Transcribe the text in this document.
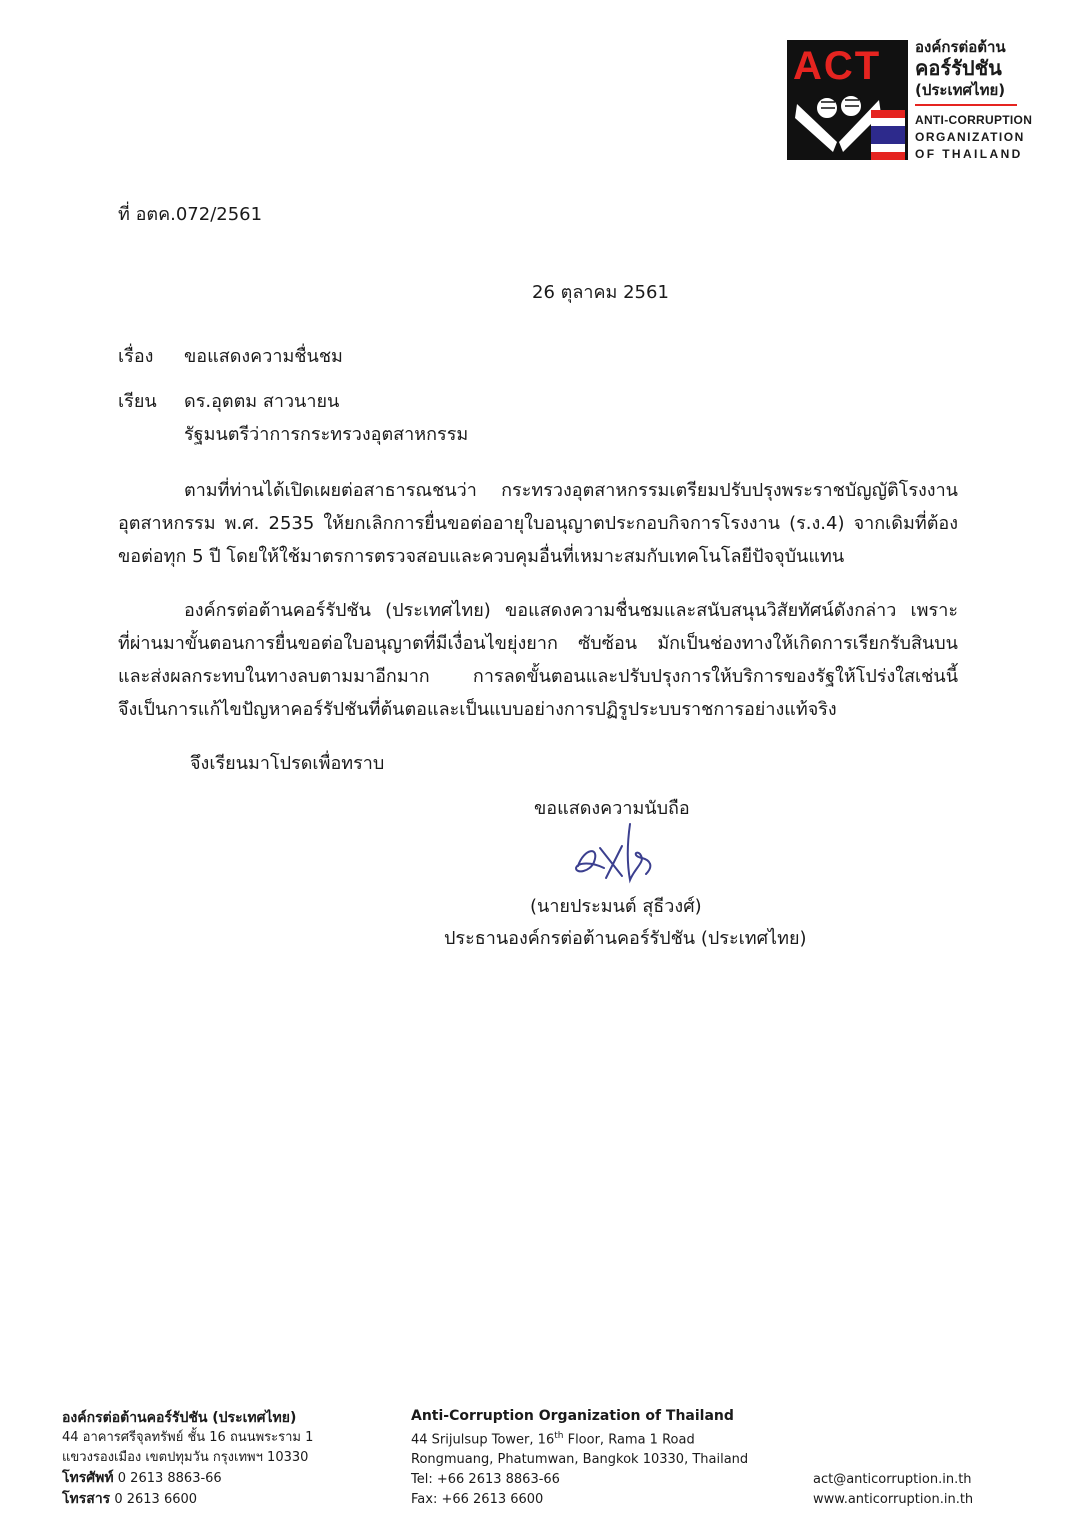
ACT องค์กรต่อต้าน
คอร์รัปชัน
(ประเทศไทย)
ANTI-CORRUPTION
ORGANIZATION
OF THAILAND
ที่ อตค.072/2561
26 ตุลาคม 2561
เรื่อง ขอแสดงความชื่นชม
เรียน ดร.อุตตม สาวนายน
รัฐมนตรีว่าการกระทรวงอุตสาหกรรม
ตามที่ท่านได้เปิดเผยต่อสาธารณชนว่า กระทรวงอุตสาหกรรมเตรียมปรับปรุงพระราชบัญญัติโรงงาน
อุตสาหกรรม พ.ศ. 2535 ให้ยกเลิกการยื่นขอต่ออายุใบอนุญาตประกอบกิจการโรงงาน (ร.ง.4) จากเดิมที่ต้อง
ขอต่อทุก 5 ปี โดยให้ใช้มาตรการตรวจสอบและควบคุมอื่นที่เหมาะสมกับเทคโนโลยีปัจจุบันแทน
องค์กรต่อต้านคอร์รัปชัน (ประเทศไทย) ขอแสดงความชื่นชมและสนับสนุนวิสัยทัศน์ดังกล่าว เพราะ
ที่ผ่านมาขั้นตอนการยื่นขอต่อใบอนุญาตที่มีเงื่อนไขยุ่งยาก ซับซ้อน มักเป็นช่องทางให้เกิดการเรียกรับสินบน
และส่งผลกระทบในทางลบตามมาอีกมาก การลดขั้นตอนและปรับปรุงการให้บริการของรัฐให้โปร่งใสเช่นนี้
จึงเป็นการแก้ไขปัญหาคอร์รัปชันที่ต้นตอและเป็นแบบอย่างการปฏิรูประบบราชการอย่างแท้จริง
จึงเรียนมาโปรดเพื่อทราบ
ขอแสดงความนับถือ
(นายประมนต์ สุธีวงศ์)
ประธานองค์กรต่อต้านคอร์รัปชัน (ประเทศไทย)
องค์กรต่อต้านคอร์รัปชัน (ประเทศไทย)
44 อาคารศรีจุลทรัพย์ ชั้น 16 ถนนพระราม 1
แขวงรองเมือง เขตปทุมวัน กรุงเทพฯ 10330
โทรศัพท์ 0 2613 8863-66
โทรสาร 0 2613 6600
Anti-Corruption Organization of Thailand
44 Srijulsup Tower, 16th Floor, Rama 1 Road
Rongmuang, Phatumwan, Bangkok 10330, Thailand
Tel: +66 2613 8863-66
Fax: +66 2613 6600
act@anticorruption.in.th
www.anticorruption.in.th
